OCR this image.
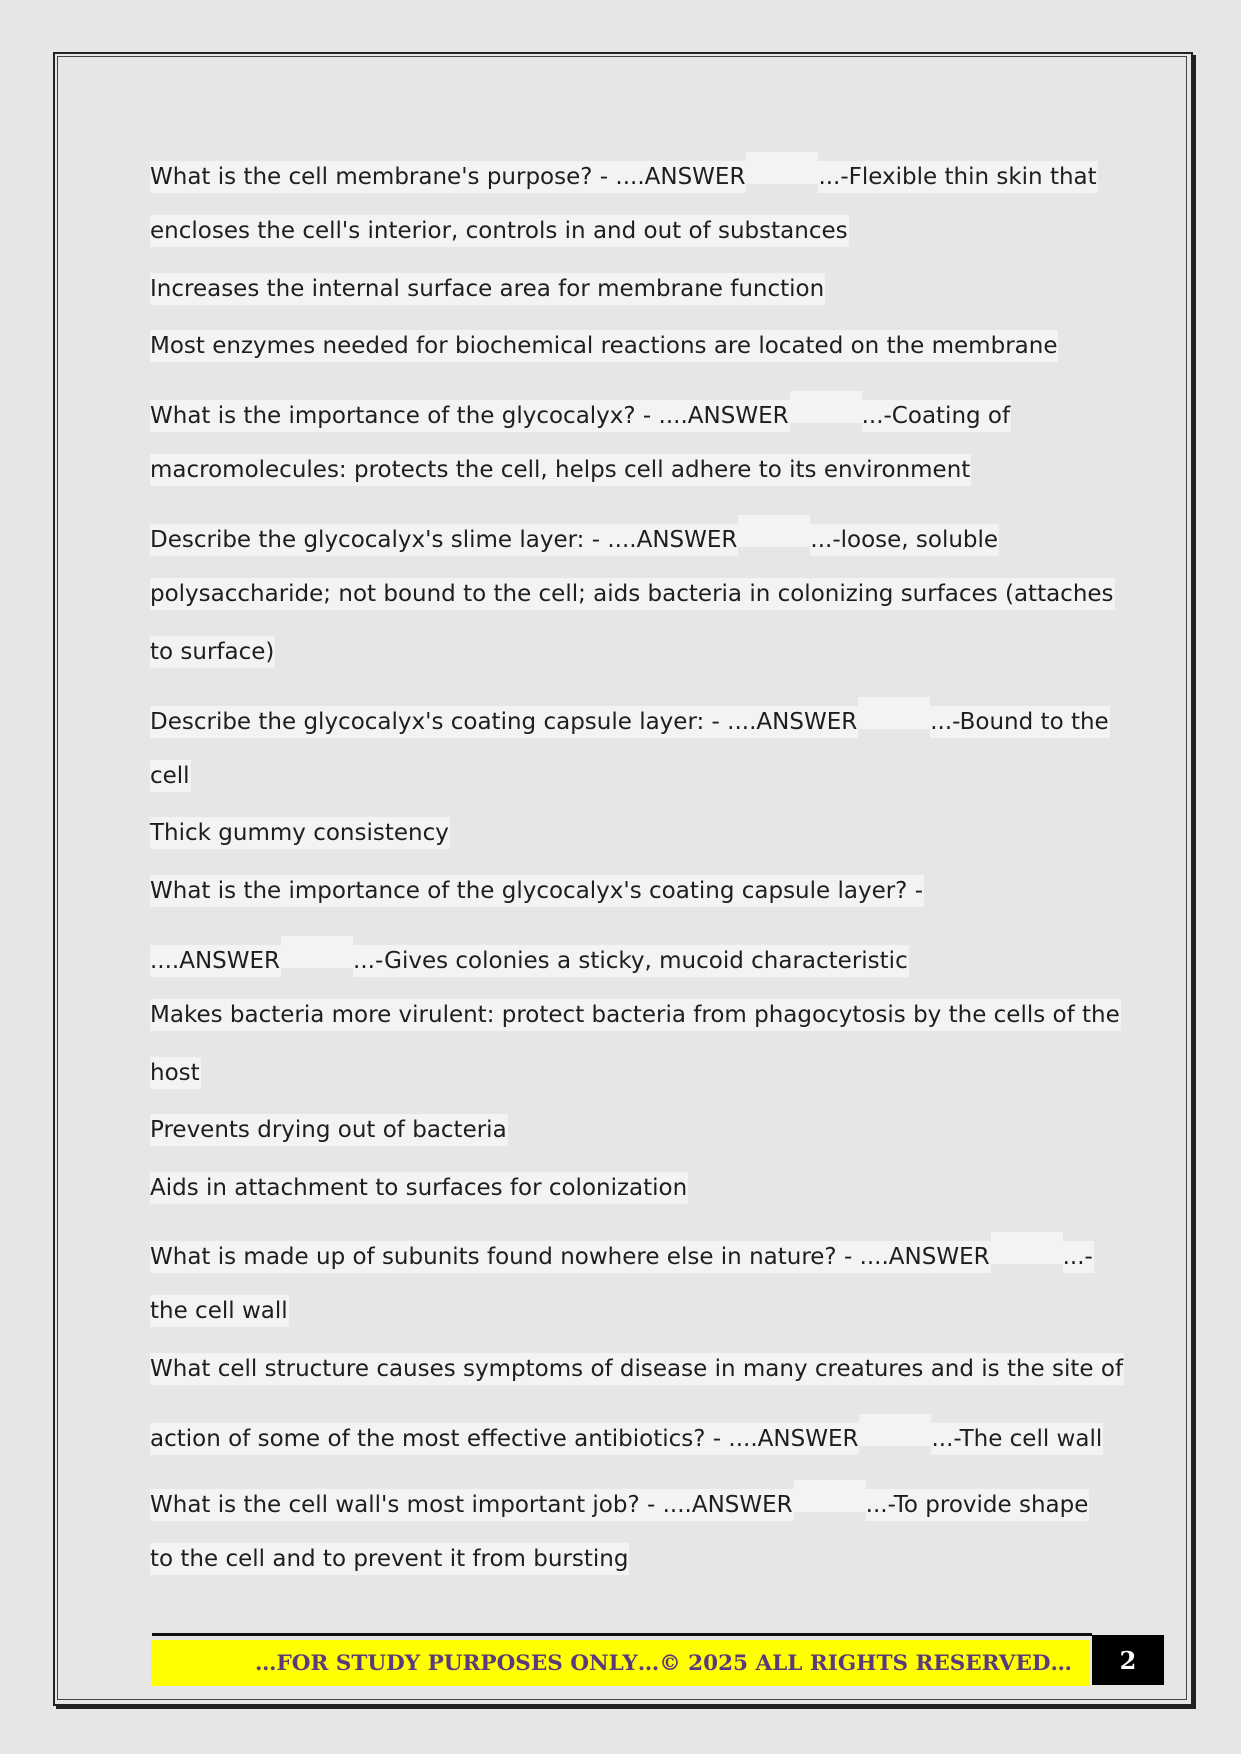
What is the cell membrane's purpose? - ....ANSWER	...-Flexible thin skin that
encloses the cell's interior, controls in and out of substances
Increases the internal surface area for membrane function
Most enzymes needed for biochemical reactions are located on the membrane
What is the importance of the glycocalyx? - ....ANSWER	...-Coating of
macromolecules: protects the cell, helps cell adhere to its environment
Describe the glycocalyx's slime layer: - ....ANSWER	...-loose, soluble
polysaccharide; not bound to the cell; aids bacteria in colonizing surfaces (attaches
to surface)
Describe the glycocalyx's coating capsule layer: - ....ANSWER	...-Bound to the
cell
Thick gummy consistency
What is the importance of the glycocalyx's coating capsule layer? -
....ANSWER	...-Gives colonies a sticky, mucoid characteristic
Makes bacteria more virulent: protect bacteria from phagocytosis by the cells of the
host
Prevents drying out of bacteria
Aids in attachment to surfaces for colonization
What is made up of subunits found nowhere else in nature? - ....ANSWER	...-
the cell wall
What cell structure causes symptoms of disease in many creatures and is the site of
action of some of the most effective antibiotics? - ....ANSWER	...-The cell wall
What is the cell wall's most important job? - ....ANSWER	...-To provide shape
to the cell and to prevent it from bursting
…FOR STUDY PURPOSES ONLY…© 2025 ALL RIGHTS RESERVED…	2
